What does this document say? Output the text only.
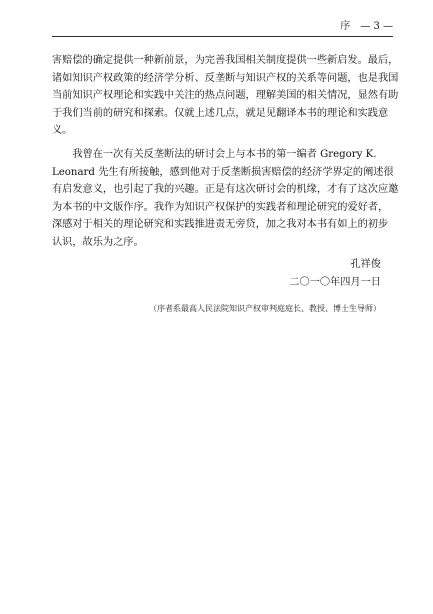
序　— 3 —
害赔偿的确定提供一种新前景，为完善我国相关制度提供一些新启发。最后，
诸如知识产权政策的经济学分析、反垄断与知识产权的关系等问题，也是我国
当前知识产权理论和实践中关注的热点问题，理解美国的相关情况，显然有助
于我们当前的研究和探索。仅就上述几点，就足见翻译本书的理论和实践意
义。
　　我曾在一次有关反垄断法的研讨会上与本书的第一编者 Gregory K.
Leonard 先生有所接触，感到他对于反垄断损害赔偿的经济学界定的阐述很
有启发意义，也引起了我的兴趣。正是有这次研讨会的机缘，才有了这次应邀
为本书的中文版作序。我作为知识产权保护的实践者和理论研究的爱好者，
深感对于相关的理论研究和实践推进责无旁贷，加之我对本书有如上的初步
认识，故乐为之序。
孔祥俊
二〇一〇年四月一日
（序者系最高人民法院知识产权审判庭庭长、教授、博士生导师）
